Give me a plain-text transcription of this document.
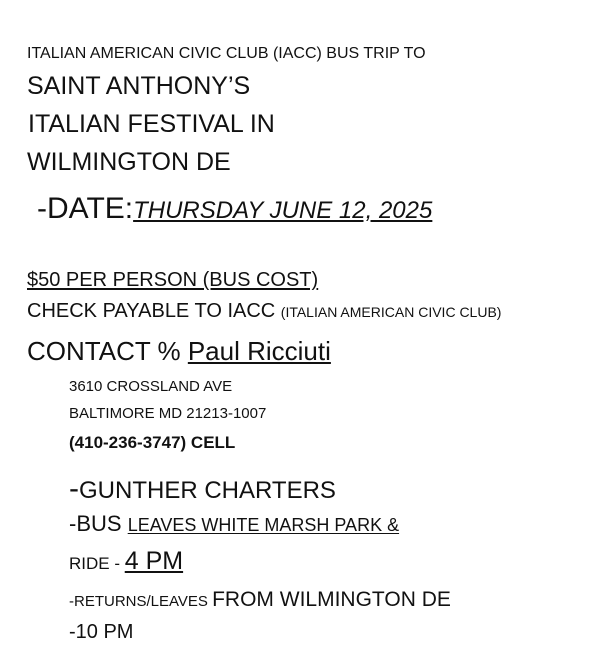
ITALIAN AMERICAN CIVIC CLUB (IACC) BUS TRIP TO
SAINT ANTHONY’S
ITALIAN FESTIVAL IN
WILMINGTON DE
-DATE:THURSDAY JUNE 12, 2025
$50 PER PERSON (BUS COST)
CHECK PAYABLE TO IACC (ITALIAN AMERICAN CIVIC CLUB)
CONTACT % Paul Ricciuti
3610 CROSSLAND AVE
BALTIMORE MD 21213-1007
(410-236-3747) CELL
-GUNTHER CHARTERS
-BUS LEAVES WHITE MARSH PARK &
RIDE - 4 PM
-RETURNS/LEAVES FROM WILMINGTON DE
-10 PM
